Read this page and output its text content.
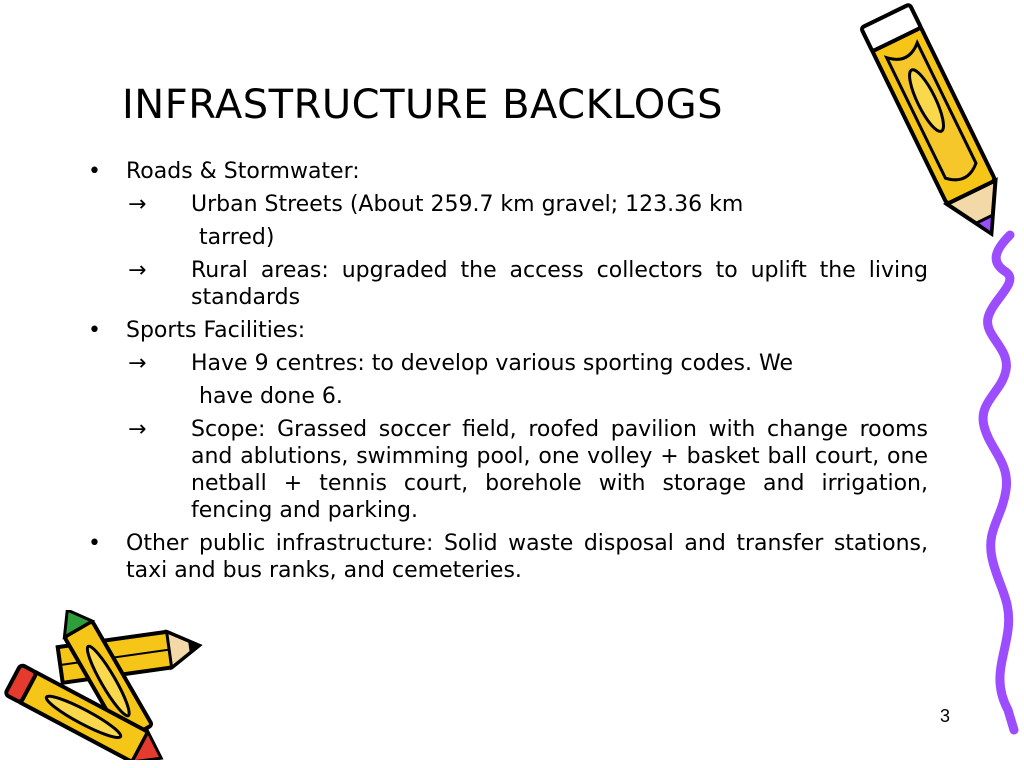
INFRASTRUCTURE BACKLOGS
• Roads & Stormwater:
→ Urban Streets (About 259.7 km gravel; 123.36 km
tarred)
→ Rural areas: upgraded the access collectors to uplift the living standards
• Sports Facilities:
→ Have 9 centres: to develop various sporting codes. We
have done 6.
→ Scope: Grassed soccer field, roofed pavilion with change rooms and ablutions, swimming pool, one volley + basket ball court, one netball + tennis court, borehole with storage and irrigation, fencing and parking.
• Other public infrastructure: Solid waste disposal and transfer stations, taxi and bus ranks, and cemeteries.
3
